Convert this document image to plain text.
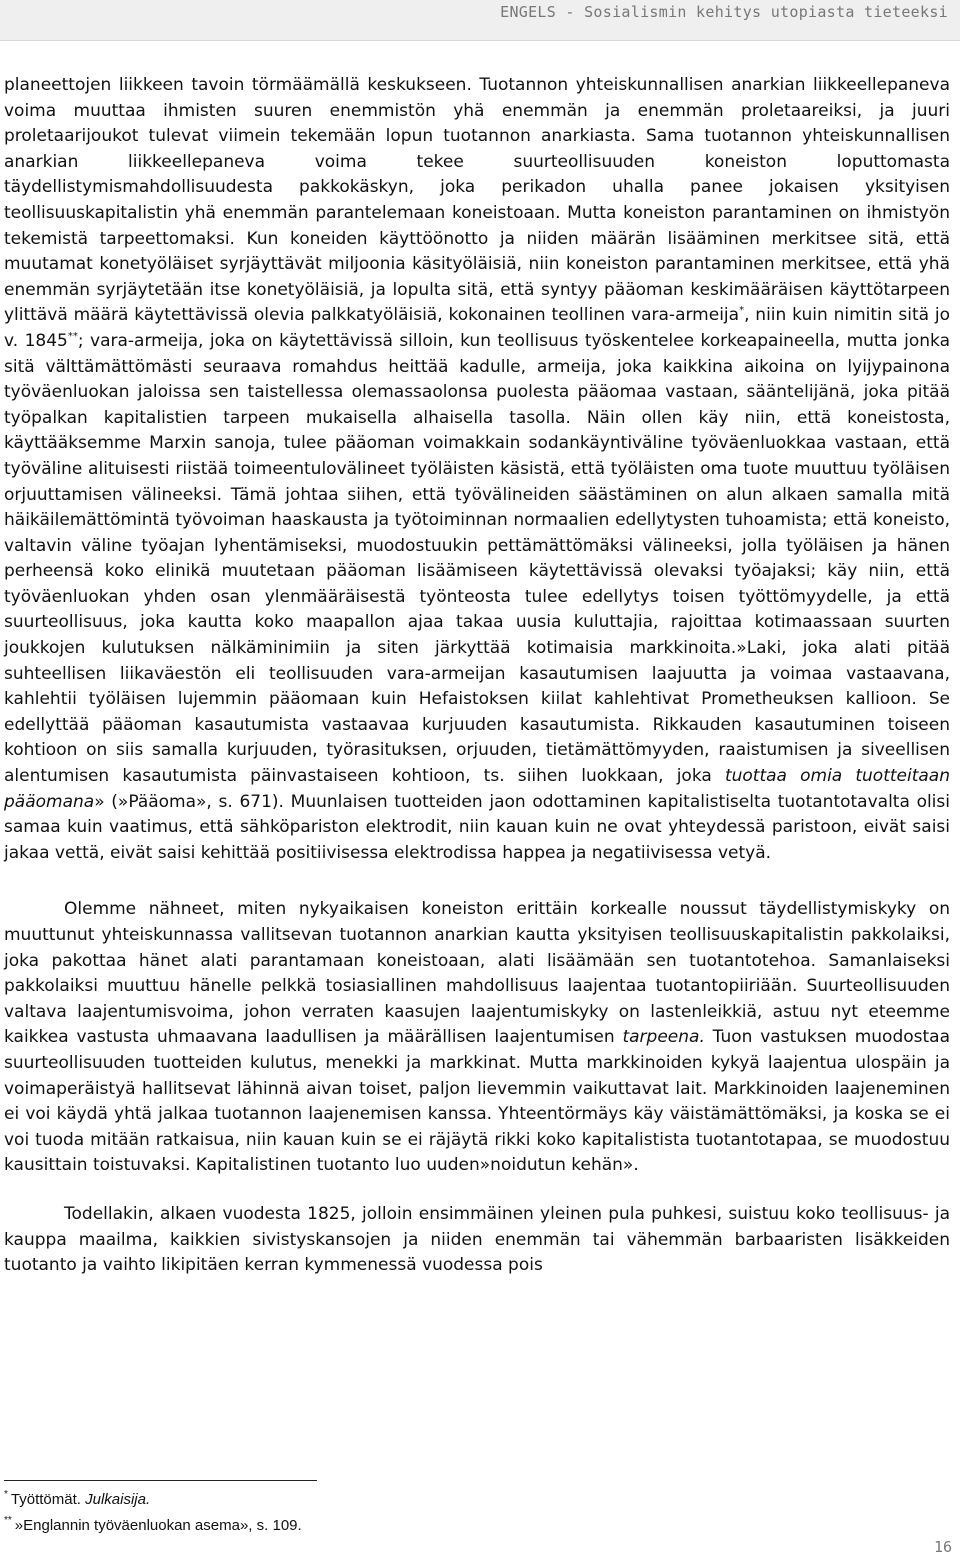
ENGELS - Sosialismin kehitys utopiasta tieteeksi

planeettojen liikkeen tavoin törmäämällä keskukseen. Tuotannon yhteiskunnallisen anarkian liikkeellepaneva voima muuttaa ihmisten suuren enemmistön yhä enemmän ja enemmän proletaareiksi, ja juuri proletaarijoukot tulevat viimein tekemään lopun tuotannon anarkiasta. Sama tuotannon yhteiskunnallisen anarkian liikkeellepaneva voima tekee suurteollisuuden koneiston loputtomasta täydellistymismahdollisuudesta pakkokäskyn, joka perikadon uhalla panee jokaisen yksityisen teollisuuskapitalistin yhä enemmän parantelemaan koneistoaan. Mutta koneiston parantaminen on ihmistyön tekemistä tarpeettomaksi. Kun koneiden käyttöönotto ja niiden määrän lisääminen merkitsee sitä, että muutamat konetyöläiset syrjäyttävät miljoonia käsityöläisiä, niin koneiston parantaminen merkitsee, että yhä enemmän syrjäytetään itse konetyöläisiä, ja lopulta sitä, että syntyy pääoman keskimääräisen käyttötarpeen ylittävä määrä käytettävissä olevia palkkatyöläisiä, kokonainen teollinen vara-armeija*, niin kuin nimitin sitä jo v. 1845**; vara-armeija, joka on käytettävissä silloin, kun teollisuus työskentelee korkeapaineella, mutta jonka sitä välttämättömästi seuraava romahdus heittää kadulle, armeija, joka kaikkina aikoina on lyijypainona työväenluokan jaloissa sen taistellessa olemassaolonsa puolesta pääomaa vastaan, sääntelijänä, joka pitää työpalkan kapitalistien tarpeen mukaisella alhaisella tasolla. Näin ollen käy niin, että koneistosta, käyttääksemme Marxin sanoja, tulee pääoman voimakkain sodankäyntiväline työväenluokkaa vastaan, että työväline alituisesti riistää toimeentulovälineet työläisten käsistä, että työläisten oma tuote muuttuu työläisen orjuuttamisen välineeksi. Tämä johtaa siihen, että työvälineiden säästäminen on alun alkaen samalla mitä häikäilemättömintä työvoiman haaskausta ja työtoiminnan normaalien edellytysten tuhoamista; että koneisto, valtavin väline työajan lyhentämiseksi, muodostuukin pettämättömäksi välineeksi, jolla työläisen ja hänen perheensä koko elinikä muutetaan pääoman lisäämiseen käytettävissä olevaksi työajaksi; käy niin, että työväenluokan yhden osan ylenmääräisestä työnteosta tulee edellytys toisen työttömyydelle, ja että suurteollisuus, joka kautta koko maapallon ajaa takaa uusia kuluttajia, rajoittaa kotimaassaan suurten joukkojen kulutuksen nälkäminimiin ja siten järkyttää kotimaisia markkinoita.»Laki, joka alati pitää suhteellisen liikaväestön eli teollisuuden vara-armeijan kasautumisen laajuutta ja voimaa vastaavana, kahlehtii työläisen lujemmin pääomaan kuin Hefaistoksen kiilat kahlehtivat Prometheuksen kallioon. Se edellyttää pääoman kasautumista vastaavaa kurjuuden kasautumista. Rikkauden kasautuminen toiseen kohtioon on siis samalla kurjuuden, työrasituksen, orjuuden, tietämättömyyden, raaistumisen ja siveellisen alentumisen kasautumista päinvastaiseen kohtioon, ts. siihen luokkaan, joka tuottaa omia tuotteitaan pääomana» (»Pääoma», s. 671). Muunlaisen tuotteiden jaon odottaminen kapitalistiselta tuotantotavalta olisi samaa kuin vaatimus, että sähköpariston elektrodit, niin kauan kuin ne ovat yhteydessä paristoon, eivät saisi jakaa vettä, eivät saisi kehittää positiivisessa elektrodissa happea ja negatiivisessa vetyä.

Olemme nähneet, miten nykyaikaisen koneiston erittäin korkealle noussut täydellistymiskyky on muuttunut yhteiskunnassa vallitsevan tuotannon anarkian kautta yksityisen teollisuuskapitalistin pakkolaiksi, joka pakottaa hänet alati parantamaan koneistoaan, alati lisäämään sen tuotantotehoa. Samanlaiseksi pakkolaiksi muuttuu hänelle pelkkä tosiasiallinen mahdollisuus laajentaa tuotantopiiriään. Suurteollisuuden valtava laajentumisvoima, johon verraten kaasujen laajentumiskyky on lastenleikkiä, astuu nyt eteemme kaikkea vastusta uhmaavana laadullisen ja määrällisen laajentumisen tarpeena. Tuon vastuksen muodostaa suurteollisuuden tuotteiden kulutus, menekki ja markkinat. Mutta markkinoiden kykyä laajentua ulospäin ja voimaperäistyä hallitsevat lähinnä aivan toiset, paljon lievemmin vaikuttavat lait. Markkinoiden laajeneminen ei voi käydä yhtä jalkaa tuotannon laajenemisen kanssa. Yhteentörmäys käy väistämättömäksi, ja koska se ei voi tuoda mitään ratkaisua, niin kauan kuin se ei räjäytä rikki koko kapitalistista tuotantotapaa, se muodostuu kausittain toistuvaksi. Kapitalistinen tuotanto luo uuden»noidutun kehän».

Todellakin, alkaen vuodesta 1825, jolloin ensimmäinen yleinen pula puhkesi, suistuu koko teollisuus- ja kauppa maailma, kaikkien sivistyskansojen ja niiden enemmän tai vähemmän barbaaristen lisäkkeiden tuotanto ja vaihto likipitäen kerran kymmenessä vuodessa pois

* Työttömät. Julkaisija.
** »Englannin työväenluokan asema», s. 109.
16
